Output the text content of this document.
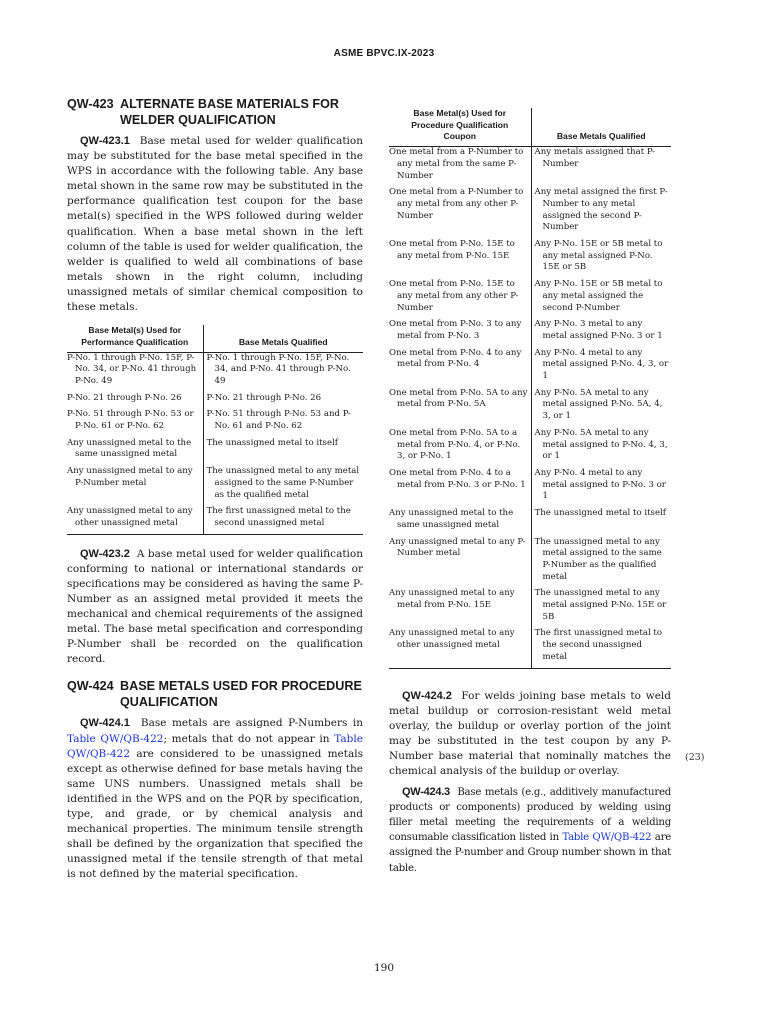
ASME BPVC.IX-2023
QW-423 ALTERNATE BASE MATERIALS FOR
WELDER QUALIFICATION

QW-423.1 Base metal used for welder qualification may be substituted for the base metal specified in the WPS in accordance with the following table. Any base metal shown in the same row may be substituted in the performance qualification test coupon for the base metal(s) specified in the WPS followed during welder qualification. When a base metal shown in the left column of the table is used for welder qualification, the welder is qualified to weld all combinations of base metals shown in the right column, including unassigned metals of similar chemical composition to these metals.

Base Metal(s) Used for
Performance Qualification	Base Metals Qualified

P-No. 1 through P-No. 15F, P-No. 34, or P-No. 41 through P-No. 49	P-No. 1 through P-No. 15F, P-No. 34, and P-No. 41 through P-No. 49

P-No. 21 through P-No. 26	P-No. 21 through P-No. 26

P-No. 51 through P-No. 53 or P-No. 61 or P-No. 62	P-No. 51 through P-No. 53 and P-No. 61 and P-No. 62

Any unassigned metal to the same unassigned metal	The unassigned metal to itself

Any unassigned metal to any P-Number metal	The unassigned metal to any metal assigned to the same P-Number as the qualified metal

Any unassigned metal to any other unassigned metal	The first unassigned metal to the second unassigned metal

QW-423.2 A base metal used for welder qualification conforming to national or international standards or specifications may be considered as having the same P-Number as an assigned metal provided it meets the mechanical and chemical requirements of the assigned metal. The base metal specification and corresponding P-Number shall be recorded on the qualification record.

QW-424 BASE METALS USED FOR PROCEDURE
QUALIFICATION

QW-424.1 Base metals are assigned P-Numbers in Table QW/QB-422; metals that do not appear in Table QW/QB-422 are considered to be unassigned metals except as otherwise defined for base metals having the same UNS numbers. Unassigned metals shall be identified in the WPS and on the PQR by specification, type, and grade, or by chemical analysis and mechanical properties. The minimum tensile strength shall be defined by the organization that specified the unassigned metal if the tensile strength of that metal is not defined by the material specification.

Base Metal(s) Used for
Procedure Qualification
Coupon	Base Metals Qualified

One metal from a P-Number to any metal from the same P-Number	Any metals assigned that P-Number

One metal from a P-Number to any metal from any other P-Number	Any metal assigned the first P-Number to any metal assigned the second P-Number

One metal from P-No. 15E to any metal from P-No. 15E	Any P-No. 15E or 5B metal to any metal assigned P-No. 15E or 5B

One metal from P-No. 15E to any metal from any other P-Number	Any P-No. 15E or 5B metal to any metal assigned the second P-Number

One metal from P-No. 3 to any metal from P-No. 3	Any P-No. 3 metal to any metal assigned P-No. 3 or 1

One metal from P-No. 4 to any metal from P-No. 4	Any P-No. 4 metal to any metal assigned P-No. 4, 3, or 1

One metal from P-No. 5A to any metal from P-No. 5A	Any P-No. 5A metal to any metal assigned P-No. 5A, 4, 3, or 1

One metal from P-No. 5A to a metal from P-No. 4, or P-No. 3, or P-No. 1	Any P-No. 5A metal to any metal assigned to P-No. 4, 3, or 1

One metal from P-No. 4 to a metal from P-No. 3 or P-No. 1	Any P-No. 4 metal to any metal assigned to P-No. 3 or 1

Any unassigned metal to the same unassigned metal	The unassigned metal to itself

Any unassigned metal to any P-Number metal	The unassigned metal to any metal assigned to the same P-Number as the qualified metal

Any unassigned metal to any metal from P-No. 15E	The unassigned metal to any metal assigned P-No. 15E or 5B

Any unassigned metal to any other unassigned metal	The first unassigned metal to the second unassigned metal

QW-424.2 For welds joining base metals to weld metal buildup or corrosion-resistant weld metal overlay, the buildup or overlay portion of the joint may be substituted in the test coupon by any P-Number base material that nominally matches the chemical analysis of the buildup or overlay.

QW-424.3 Base metals (e.g., additively manufactured products or components) produced by welding using filler metal meeting the requirements of a welding consumable classification listed in Table QW/QB-422 are assigned the P-number and Group number shown in that table.

(23)
190
